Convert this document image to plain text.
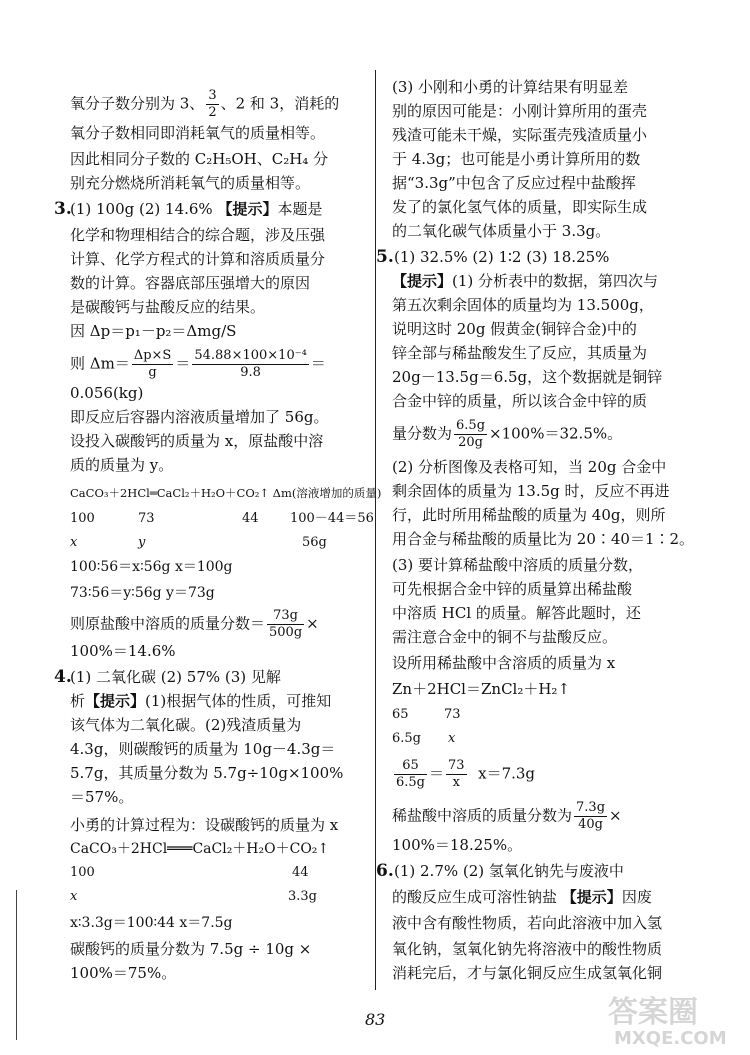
氧分子数分别为 3、 $\frac{3}{2}$ 、2 和 3，消耗的
氧分子数相同即消耗氧气的质量相等。
因此相同分子数的 C₂H₅OH、C₂H₄ 分
别充分燃烧所消耗氧气的质量相等。
3.
(1) 100g (2) 14.6% 【提示】本题是
化学和物理相结合的综合题，涉及压强
计算、化学方程式的计算和溶质质量分
数的计算。容器底部压强增大的原因
是碳酸钙与盐酸反应的结果。
因 Δp＝p₁－p₂＝Δmg/S
则 $\Delta m= \frac{\Delta p\times S}{g} = \frac{\text{54.88×100×10⁻⁴}}{9.8}$ ＝
0.056(kg)
即反应后容器内溶液质量增加了 56g。
设投入碳酸钙的质量为 x，原盐酸中溶
质的质量为 y。
CaCO₃＋2HCl═CaCl₂＋H₂O＋CO₂↑ Δm(溶液增加的质量)
100	73	44 100－44＝56
x	y	56g
100∶56＝x∶56g x＝100g
73∶56＝y∶56g y＝73g
则原盐酸中溶质的质量分数＝ $\frac{73g}{500g}$ ×
100%＝14.6%
4.
(1) 二氧化碳 (2) 57% (3) 见解
析【提示】(1)根据气体的性质，可推知
该气体为二氧化碳。(2)残渣质量为
4.3g，则碳酸钙的质量为 10g－4.3g＝
5.7g，其质量分数为 5.7g÷10g×100%
＝57%。
小勇的计算过程为：设碳酸钙的质量为 x
CaCO₃＋2HCl═══CaCl₂＋H₂O＋CO₂↑
100	44
x	3.3g
x∶3.3g＝100∶44 x＝7.5g
碳酸钙的质量分数为 7.5g ÷ 10g ×
100%＝75%。
(3) 小刚和小勇的计算结果有明显差
别的原因可能是：小刚计算所用的蛋壳
残渣可能未干燥，实际蛋壳残渣质量小
于 4.3g；也可能是小勇计算所用的数
据“3.3g”中包含了反应过程中盐酸挥
发了的氯化氢气体的质量，即实际生成
的二氧化碳气体质量小于 3.3g。
5. (1) 32.5% (2) 1∶2 (3) 18.25%
【提示】(1) 分析表中的数据，第四次与
第五次剩余固体的质量均为 13.500g，
说明这时 20g 假黄金(铜锌合金)中的
锌全部与稀盐酸发生了反应，其质量为
20g－13.5g＝6.5g，这个数据就是铜锌
合金中锌的质量，所以该合金中锌的质
量分数为 $\frac{6.5g}{20g} \times 100\%=32.5\%$。
(2) 分析图像及表格可知，当 20g 合金中
剩余固体的质量为 13.5g 时，反应不再进
行，此时所用稀盐酸的质量为 40g，则所
用合金与稀盐酸的质量比为 20∶40＝1∶2。
(3) 要计算稀盐酸中溶质的质量分数，
可先根据合金中锌的质量算出稀盐酸
中溶质 HCl 的质量。解答此题时，还
需注意合金中的铜不与盐酸反应。
设所用稀盐酸中含溶质的质量为 x
Zn＋2HCl＝ZnCl₂＋H₂↑
65	73
6.5g x
$\frac{65}{6.5g} = \frac{73}{x} x=7.3g$
稀盐酸中溶质的质量分数为 $\frac{7.3g}{40g}$ ×
100%＝18.25%。
6. (1) 2.7% (2) 氢氧化钠先与废液中
的酸反应生成可溶性钠盐 【提示】因废
液中含有酸性物质，若向此溶液中加入氢
氧化钠，氢氧化钠先将溶液中的酸性物质
消耗完后，才与氯化铜反应生成氢氧化铜
83	答案圈
MXQE.COM
